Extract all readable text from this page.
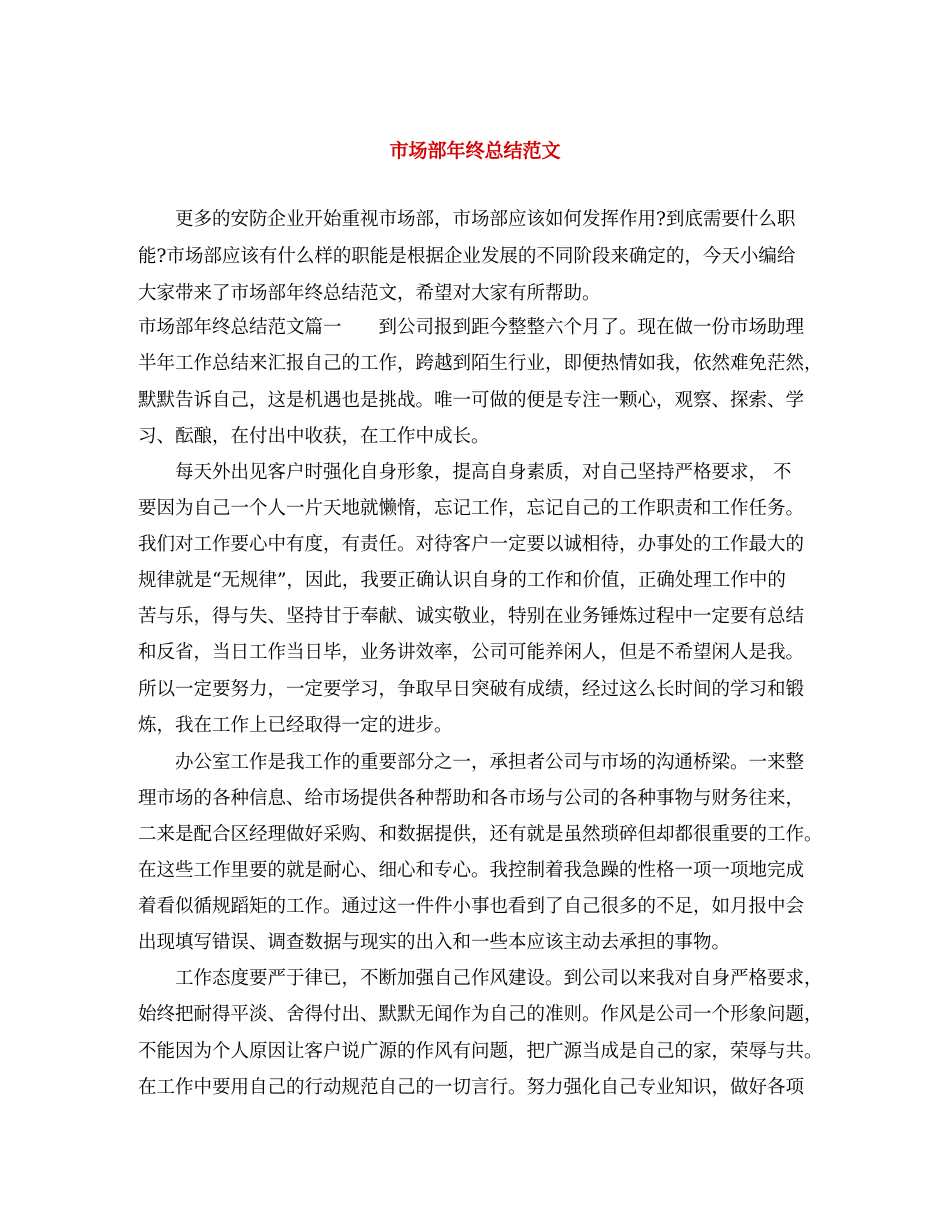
市场部年终总结范文
更多的安防企业开始重视市场部，市场部应该如何发挥作用?到底需要什么职
能?市场部应该有什么样的职能是根据企业发展的不同阶段来确定的，今天小编给
大家带来了市场部年终总结范文，希望对大家有所帮助。
市场部年终总结范文篇一　　到公司报到距今整整六个月了。现在做一份市场助理
半年工作总结来汇报自己的工作，跨越到陌生行业，即便热情如我，依然难免茫然，
默默告诉自己，这是机遇也是挑战。唯一可做的便是专注一颗心，观察、探索、学
习、酝酿，在付出中收获，在工作中成长。
每天外出见客户时强化自身形象，提高自身素质，对自己坚持严格要求， 不
要因为自己一个人一片天地就懒惰，忘记工作，忘记自己的工作职责和工作任务。
我们对工作要心中有度，有责任。对待客户一定要以诚相待，办事处的工作最大的
规律就是“无规律”，因此，我要正确认识自身的工作和价值，正确处理工作中的
苦与乐，得与失、坚持甘于奉献、诚实敬业，特别在业务锤炼过程中一定要有总结
和反省，当日工作当日毕，业务讲效率，公司可能养闲人，但是不希望闲人是我。
所以一定要努力，一定要学习，争取早日突破有成绩，经过这么长时间的学习和锻
炼，我在工作上已经取得一定的进步。
办公室工作是我工作的重要部分之一，承担者公司与市场的沟通桥梁。一来整
理市场的各种信息、给市场提供各种帮助和各市场与公司的各种事物与财务往来，
二来是配合区经理做好采购、和数据提供，还有就是虽然琐碎但却都很重要的工作。
在这些工作里要的就是耐心、细心和专心。我控制着我急躁的性格一项一项地完成
着看似循规蹈矩的工作。通过这一件件小事也看到了自己很多的不足，如月报中会
出现填写错误、调查数据与现实的出入和一些本应该主动去承担的事物。
工作态度要严于律已，不断加强自己作风建设。到公司以来我对自身严格要求，
始终把耐得平淡、舍得付出、默默无闻作为自己的准则。作风是公司一个形象问题，
不能因为个人原因让客户说广源的作风有问题，把广源当成是自己的家，荣辱与共。
在工作中要用自己的行动规范自己的一切言行。努力强化自己专业知识，做好各项
